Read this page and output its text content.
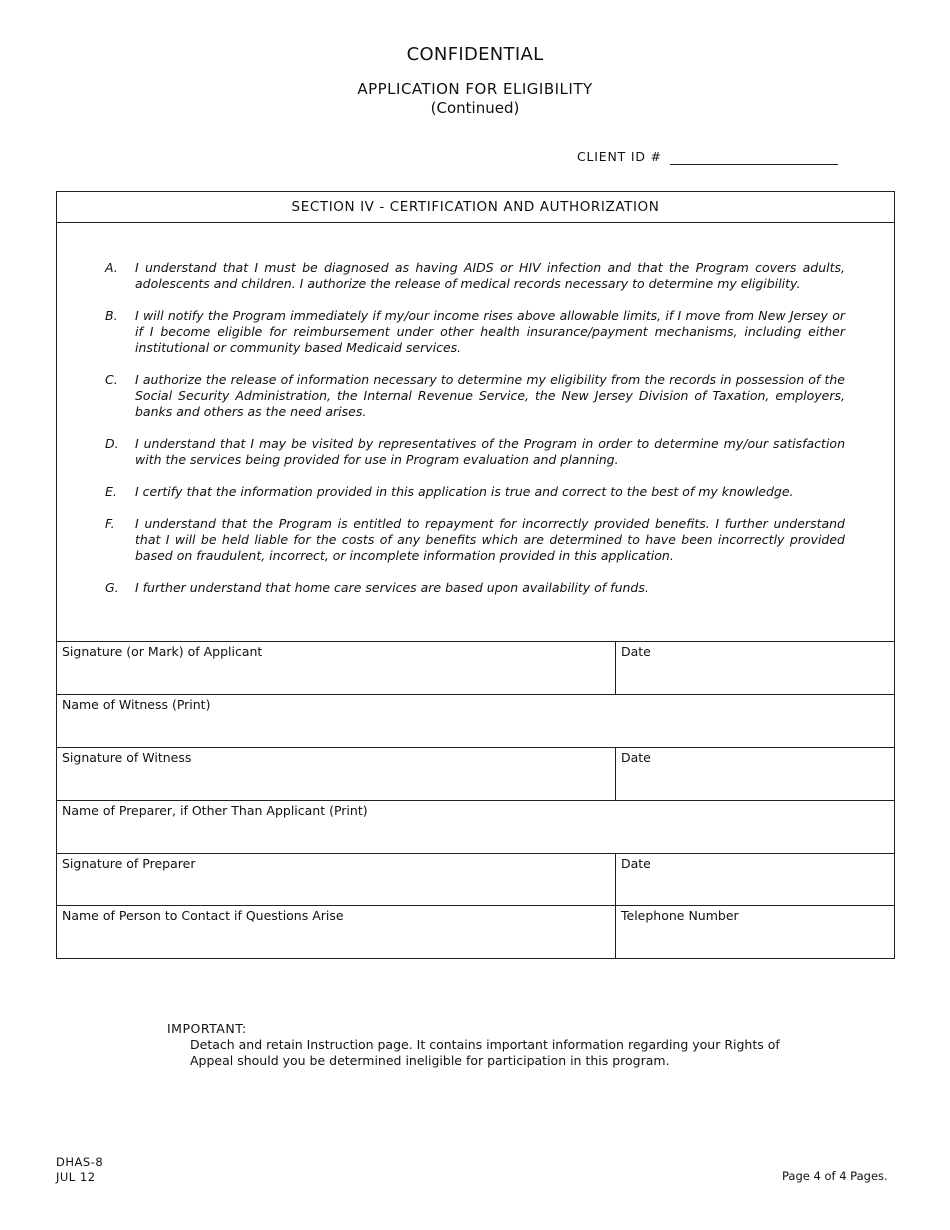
CONFIDENTIAL
APPLICATION FOR ELIGIBILITY
(Continued)
CLIENT ID #
SECTION IV - CERTIFICATION AND AUTHORIZATION
A. I understand that I must be diagnosed as having AIDS or HIV infection and that the Program covers adults, adolescents and children. I authorize the release of medical records necessary to determine my eligibility.
B. I will notify the Program immediately if my/our income rises above allowable limits, if I move from New Jersey or if I become eligible for reimbursement under other health insurance/payment mechanisms, including either institutional or community based Medicaid services.
C. I authorize the release of information necessary to determine my eligibility from the records in possession of the Social Security Administration, the Internal Revenue Service, the New Jersey Division of Taxation, employers, banks and others as the need arises.
D. I understand that I may be visited by representatives of the Program in order to determine my/our satisfaction with the services being provided for use in Program evaluation and planning.
E. I certify that the information provided in this application is true and correct to the best of my knowledge.
F. I understand that the Program is entitled to repayment for incorrectly provided benefits. I further understand that I will be held liable for the costs of any benefits which are determined to have been incorrectly provided based on fraudulent, incorrect, or incomplete information provided in this application.
G. I further understand that home care services are based upon availability of funds.
Signature (or Mark) of Applicant	Date
Name of Witness (Print)
Signature of Witness	Date
Name of Preparer, if Other Than Applicant (Print)
Signature of Preparer	Date
Name of Person to Contact if Questions Arise	Telephone Number
IMPORTANT:
Detach and retain Instruction page. It contains important information regarding your Rights of Appeal should you be determined ineligible for participation in this program.
DHAS-8
JUL 12	Page 4 of 4 Pages.
